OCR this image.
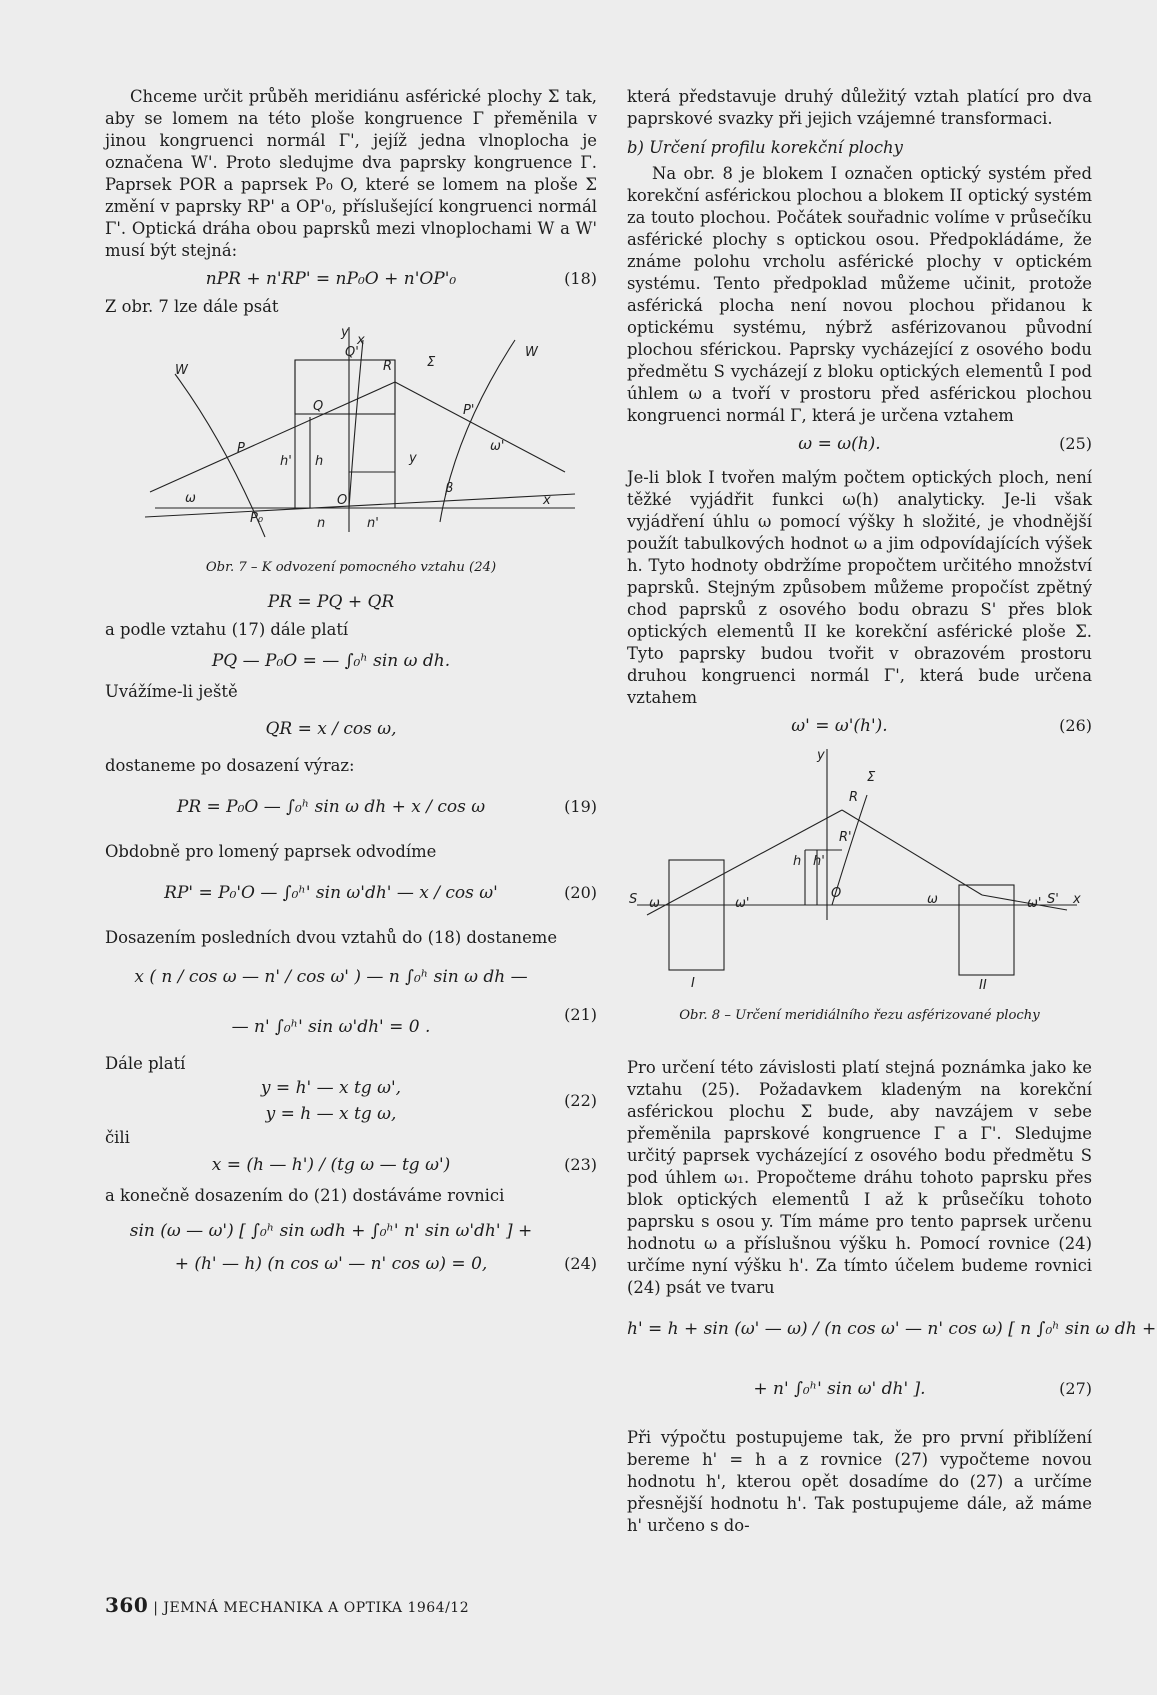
Chceme určit průběh meridiánu asférické plochy Σ tak, aby se lomem na této ploše kongruence Γ přeměnila v jinou kongruenci normál Γ', jejíž jedna vlnoplocha je označena W'. Proto sledujme dva paprsky kongruence Γ. Paprsek POR a paprsek P₀ O, které se lomem na ploše Σ změní v paprsky RP' a OP'₀, příslušející kongruenci normál Γ'. Optická dráha obou paprsků mezi vlnoplochami W a W' musí být stejná:

nPR + n'RP' = nP₀O + n'OP'₀	(18)

Z obr. 7 lze dále psát

y
x
Q'
R	Σ
W
W
P'
Q
ω'
P
h' h	y
ω
P₀
O
β
x
n	n'

Obr. 7 – K odvození pomocného vztahu (24)

PR = PQ + QR

a podle vztahu (17) dále platí

PQ — P₀O = — ∫₀ʰ sin ω dh.

Uvážíme-li ještě

QR = x / cos ω,

dostaneme po dosazení výraz:

PR = P₀O — ∫₀ʰ sin ω dh + x / cos ω	(19)

Obdobně pro lomený paprsek odvodíme

RP' = P₀'O — ∫₀ʰ' sin ω'dh' — x / cos ω'	(20)

Dosazením posledních dvou vztahů do (18) dostaneme

x ( n / cos ω — n' / cos ω' ) — n ∫₀ʰ sin ω dh —
— n' ∫₀ʰ' sin ω'dh' = 0 .
(21)

Dále platí

y = h' — x tg ω',
y = h — x tg ω,
(22)

čili

x = (h — h') / (tg ω — tg ω')	(23)

a konečně dosazením do (21) dostáváme rovnici

sin (ω — ω') [ ∫₀ʰ sin ωdh + ∫₀ʰ' n' sin ω'dh' ] +
+ (h' — h) (n cos ω' — n' cos ω) = 0,	(24)

která představuje druhý důležitý vztah platící pro dva paprskové svazky při jejich vzájemné transformaci.

b) Určení profilu korekční plochy

Na obr. 8 je blokem I označen optický systém před korekční asférickou plochou a blokem II optický systém za touto plochou. Počátek souřadnic volíme v průsečíku asférické plochy s optickou osou. Předpokládáme, že známe polohu vrcholu asférické plochy v optickém systému. Tento předpoklad můžeme učinit, protože asférická plocha není novou plochou přidanou k optickému systému, nýbrž asférizovanou původní plochou sférickou. Paprsky vycházející z osového bodu předmětu S vycházejí z bloku optických elementů I pod úhlem ω a tvoří v prostoru před asférickou plochou kongruenci normál Γ, která je určena vztahem

ω = ω(h).	(25)

Je-li blok I tvořen malým počtem optických ploch, není těžké vyjádřit funkci ω(h) analyticky. Je-li však vyjádření úhlu ω pomocí výšky h složité, je vhodnější použít tabulkových hodnot ω a jim odpovídajících výšek h. Tyto hodnoty obdržíme propočtem určitého množství paprsků. Stejným způsobem můžeme propočíst zpětný chod paprsků z osového bodu obrazu S' přes blok optických elementů II ke korekční asférické ploše Σ. Tyto paprsky budou tvořit v obrazovém prostoru druhou kongruenci normál Γ', která bude určena vztahem

ω' = ω'(h').	(26)
y
Σ
R
R'
h h'
O
S ω	ω'	ω	ω' S' x
I	II

Obr. 8 – Určení meridiálního řezu asférizované plochy

Pro určení této závislosti platí stejná poznámka jako ke vztahu (25). Požadavkem kladeným na korekční asférickou plochu Σ bude, aby navzájem v sebe přeměnila paprskové kongruence Γ a Γ'. Sledujme určitý paprsek vycházející z osového bodu předmětu S pod úhlem ω₁. Propočteme dráhu tohoto paprsku přes blok optických elementů I až k průsečíku tohoto paprsku s osou y. Tím máme pro tento paprsek určenu hodnotu ω a příslušnou výšku h. Pomocí rovnice (24) určíme nyní výšku h'. Za tímto účelem budeme rovnici (24) psát ve tvaru

h' = h + sin (ω' — ω) / (n cos ω' — n' cos ω) [ n ∫₀ʰ sin ω dh +
+ n' ∫₀ʰ' sin ω' dh' ].	(27)

Při výpočtu postupujeme tak, že pro první přiblížení bereme h' = h a z rovnice (27) vypočteme novou hodnotu h', kterou opět dosadíme do (27) a určíme přesnější hodnotu h'. Tak postupujeme dále, až máme h' určeno s do-

360 | JEMNÁ MECHANIKA A OPTIKA 1964/12
